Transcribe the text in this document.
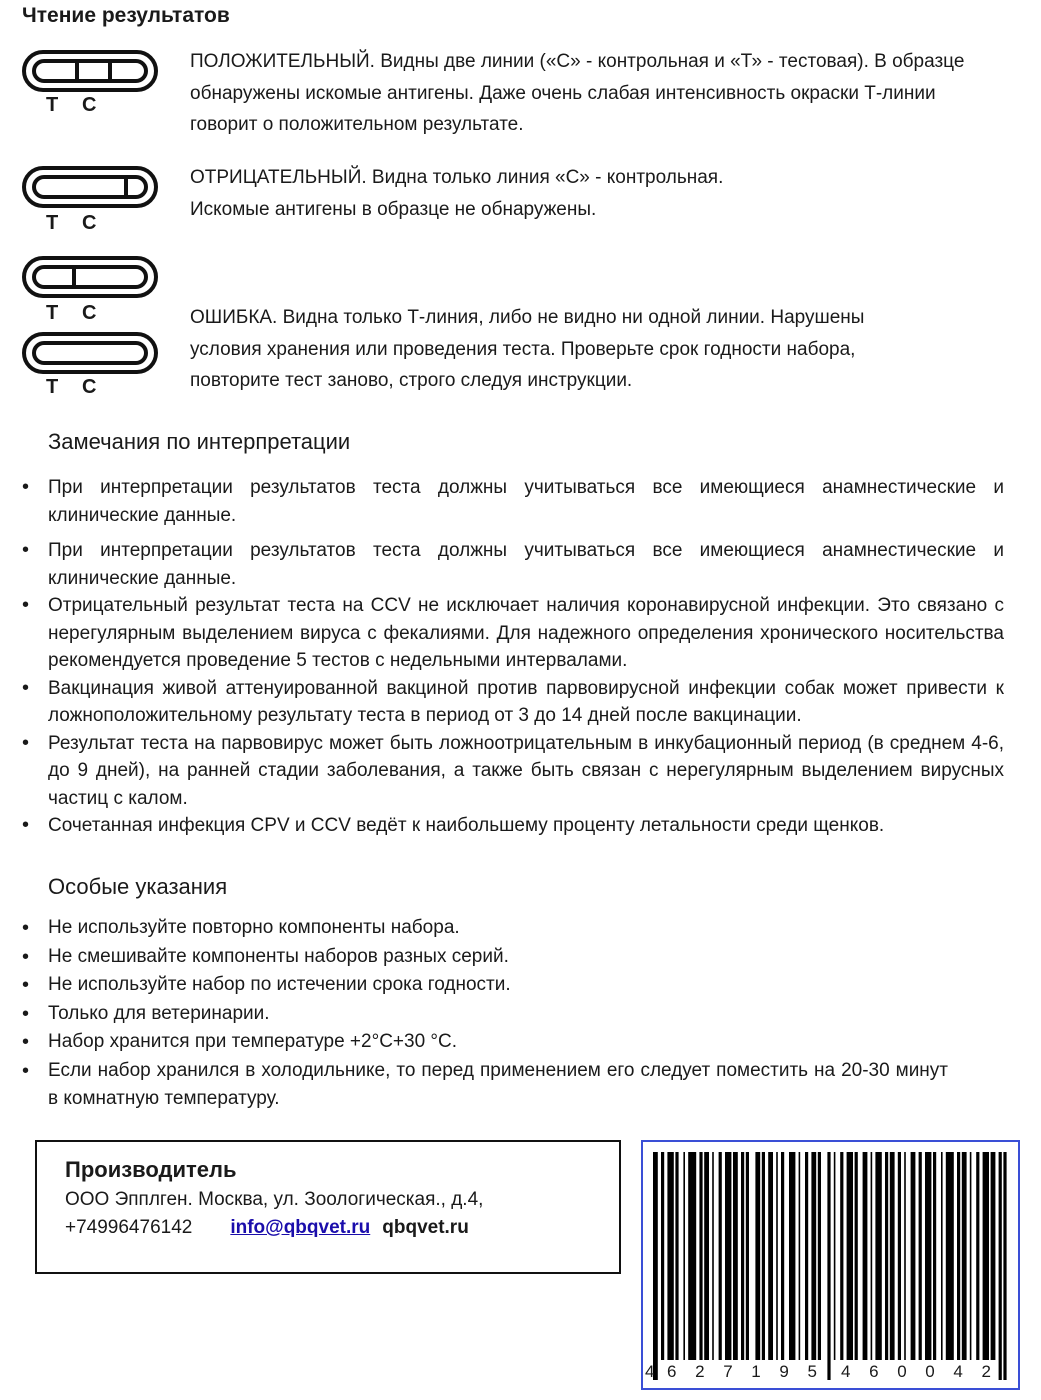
Чтение результатов
T C
T C
T C
T C
ПОЛОЖИТЕЛЬНЫЙ. Видны две линии («С» - контрольная и «Т» - тестовая). В образце
обнаружены искомые антигены. Даже очень слабая интенсивность окраски Т-линии
говорит о положительном результате.
ОТРИЦАТЕЛЬНЫЙ. Видна только линия «С» - контрольная.
Искомые антигены в образце не обнаружены.
ОШИБКА. Видна только Т-линия, либо не видно ни одной линии. Нарушены
условия хранения или проведения теста. Проверьте срок годности набора,
повторите тест заново, строго следуя инструкции.
Замечания по интерпретации
• При интерпретации результатов теста должны учитываться все имеющиеся анамнестические и клинические данные.
• При интерпретации результатов теста должны учитываться все имеющиеся анамнестические и клинические данные.
• Отрицательный результат теста на CCV не исключает наличия коронавирусной инфекции. Это связано с нерегулярным выделением вируса с фекалиями. Для надежного определения хронического носительства рекомендуется проведение 5 тестов с недельными интервалами.
• Вакцинация живой аттенуированной вакциной против парвовирусной инфекции собак может привести к ложноположительному результату теста в период от 3 до 14 дней после вакцинации.
• Результат теста на парвовирус может быть ложноотрицательным в инкубационный период (в среднем 4-6, до 9 дней), на ранней стадии заболевания, а также быть связан с нерегулярным выделением вирусных частиц с калом.
• Сочетанная инфекция CPV и CCV ведёт к наибольшему проценту летальности среди щенков.
Особые указания
• Не используйте повторно компоненты набора.
• Не смешивайте компоненты наборов разных серий.
• Не используйте набор по истечении срока годности.
• Только для ветеринарии.
• Набор хранится при температуре +2°С+30 °С.
• Если набор хранился в холодильнике, то перед применением его следует поместить на 20-30 минут в комнатную температуру.
Производитель
ООО Эпплген. Москва, ул. Зоологическая., д.4,
+74996476142 info@qbqvet.ru qbqvet.ru
4 6 2 7 1 9 5 4 6 0 0 4 2
